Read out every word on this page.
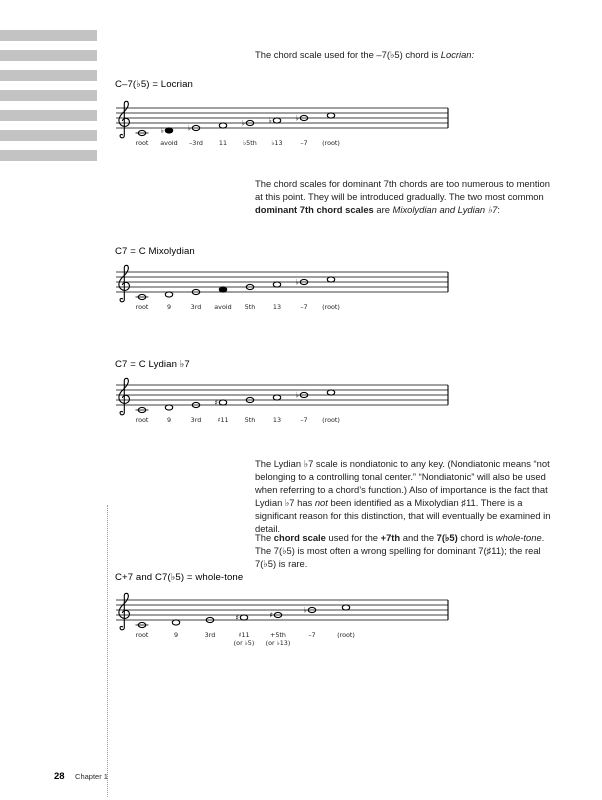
The chord scale used for the –7(♭5) chord is Locrian:

C–7(♭5) = Locrian
root
♭
avoid
♭
–3rd	11
♭
♭5th
♭
♭13
♭
–7 (root)

The chord scales for dominant 7th chords are too numerous to mention at this point. They will be introduced gradually. The two most common dominant 7th chord scales are Mixolydian and Lydian ♭7:

C7 = C Mixolydian
root	9	3rd avoid 5th	13
♭
–7 (root)
C7 = C Lydian ♭7
root	9	3rd
♯
♯11	5th	13
♭
–7 (root)

The Lydian ♭7 scale is nondiatonic to any key. (Nondiatonic means “not belonging to a controlling tonal center.” “Nondiatonic” will also be used when referring to a chord’s function.) Also of importance is the fact that Lydian ♭7 has not been identified as a Mixolydian ♯11. There is a significant reason for this distinction, that will eventually be examined in detail.

The chord scale used for the +7th and the 7(♭5) chord is whole-tone. The 7(♭5) is most often a wrong spelling for dominant 7(♯11); the real 7(♭5) is rare.

C+7 and C7(♭5) = whole-tone
root	9	3rd
♯
♯11
(or ♭5)
♯
+5th
(or ♭13)
♭
–7	(root)
28 Chapter 1
